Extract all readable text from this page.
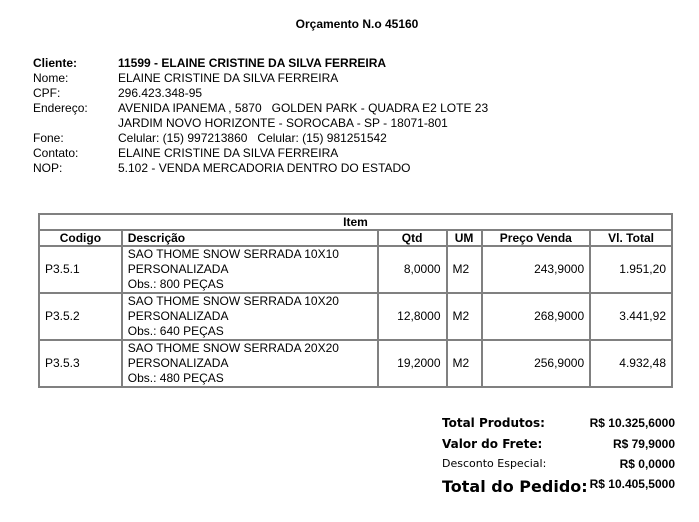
Orçamento N.o 45160
Cliente:	11599 - ELAINE CRISTINE DA SILVA FERREIRA
Nome:	ELAINE CRISTINE DA SILVA FERREIRA
CPF:	296.423.348-95
Endereço:	AVENIDA IPANEMA , 5870   GOLDEN PARK - QUADRA E2 LOTE 23
	JARDIM NOVO HORIZONTE - SOROCABA - SP - 18071-801
Fone:	Celular: (15) 997213860   Celular: (15) 981251542
Contato:	ELAINE CRISTINE DA SILVA FERREIRA
NOP:	5.102 - VENDA MERCADORIA DENTRO DO ESTADO
Item					
Codigo	Descrição	Qtd	UM	Preço Venda	Vl. Total
P3.5.1	SAO THOME SNOW SERRADA 10X10
PERSONALIZADA
Obs.: 800 PEÇAS	8,0000	M2	243,9000	1.951,20
P3.5.2	SAO THOME SNOW SERRADA 10X20
PERSONALIZADA
Obs.: 640 PEÇAS	12,8000	M2	268,9000	3.441,92
P3.5.3	SAO THOME SNOW SERRADA 20X20
PERSONALIZADA
Obs.: 480 PEÇAS	19,2000	M2	256,9000	4.932,48
Total Produtos:	R$ 10.325,6000
Valor do Frete:	R$ 79,9000
Desconto Especial:	R$ 0,0000
Total do Pedido:	R$ 10.405,5000
